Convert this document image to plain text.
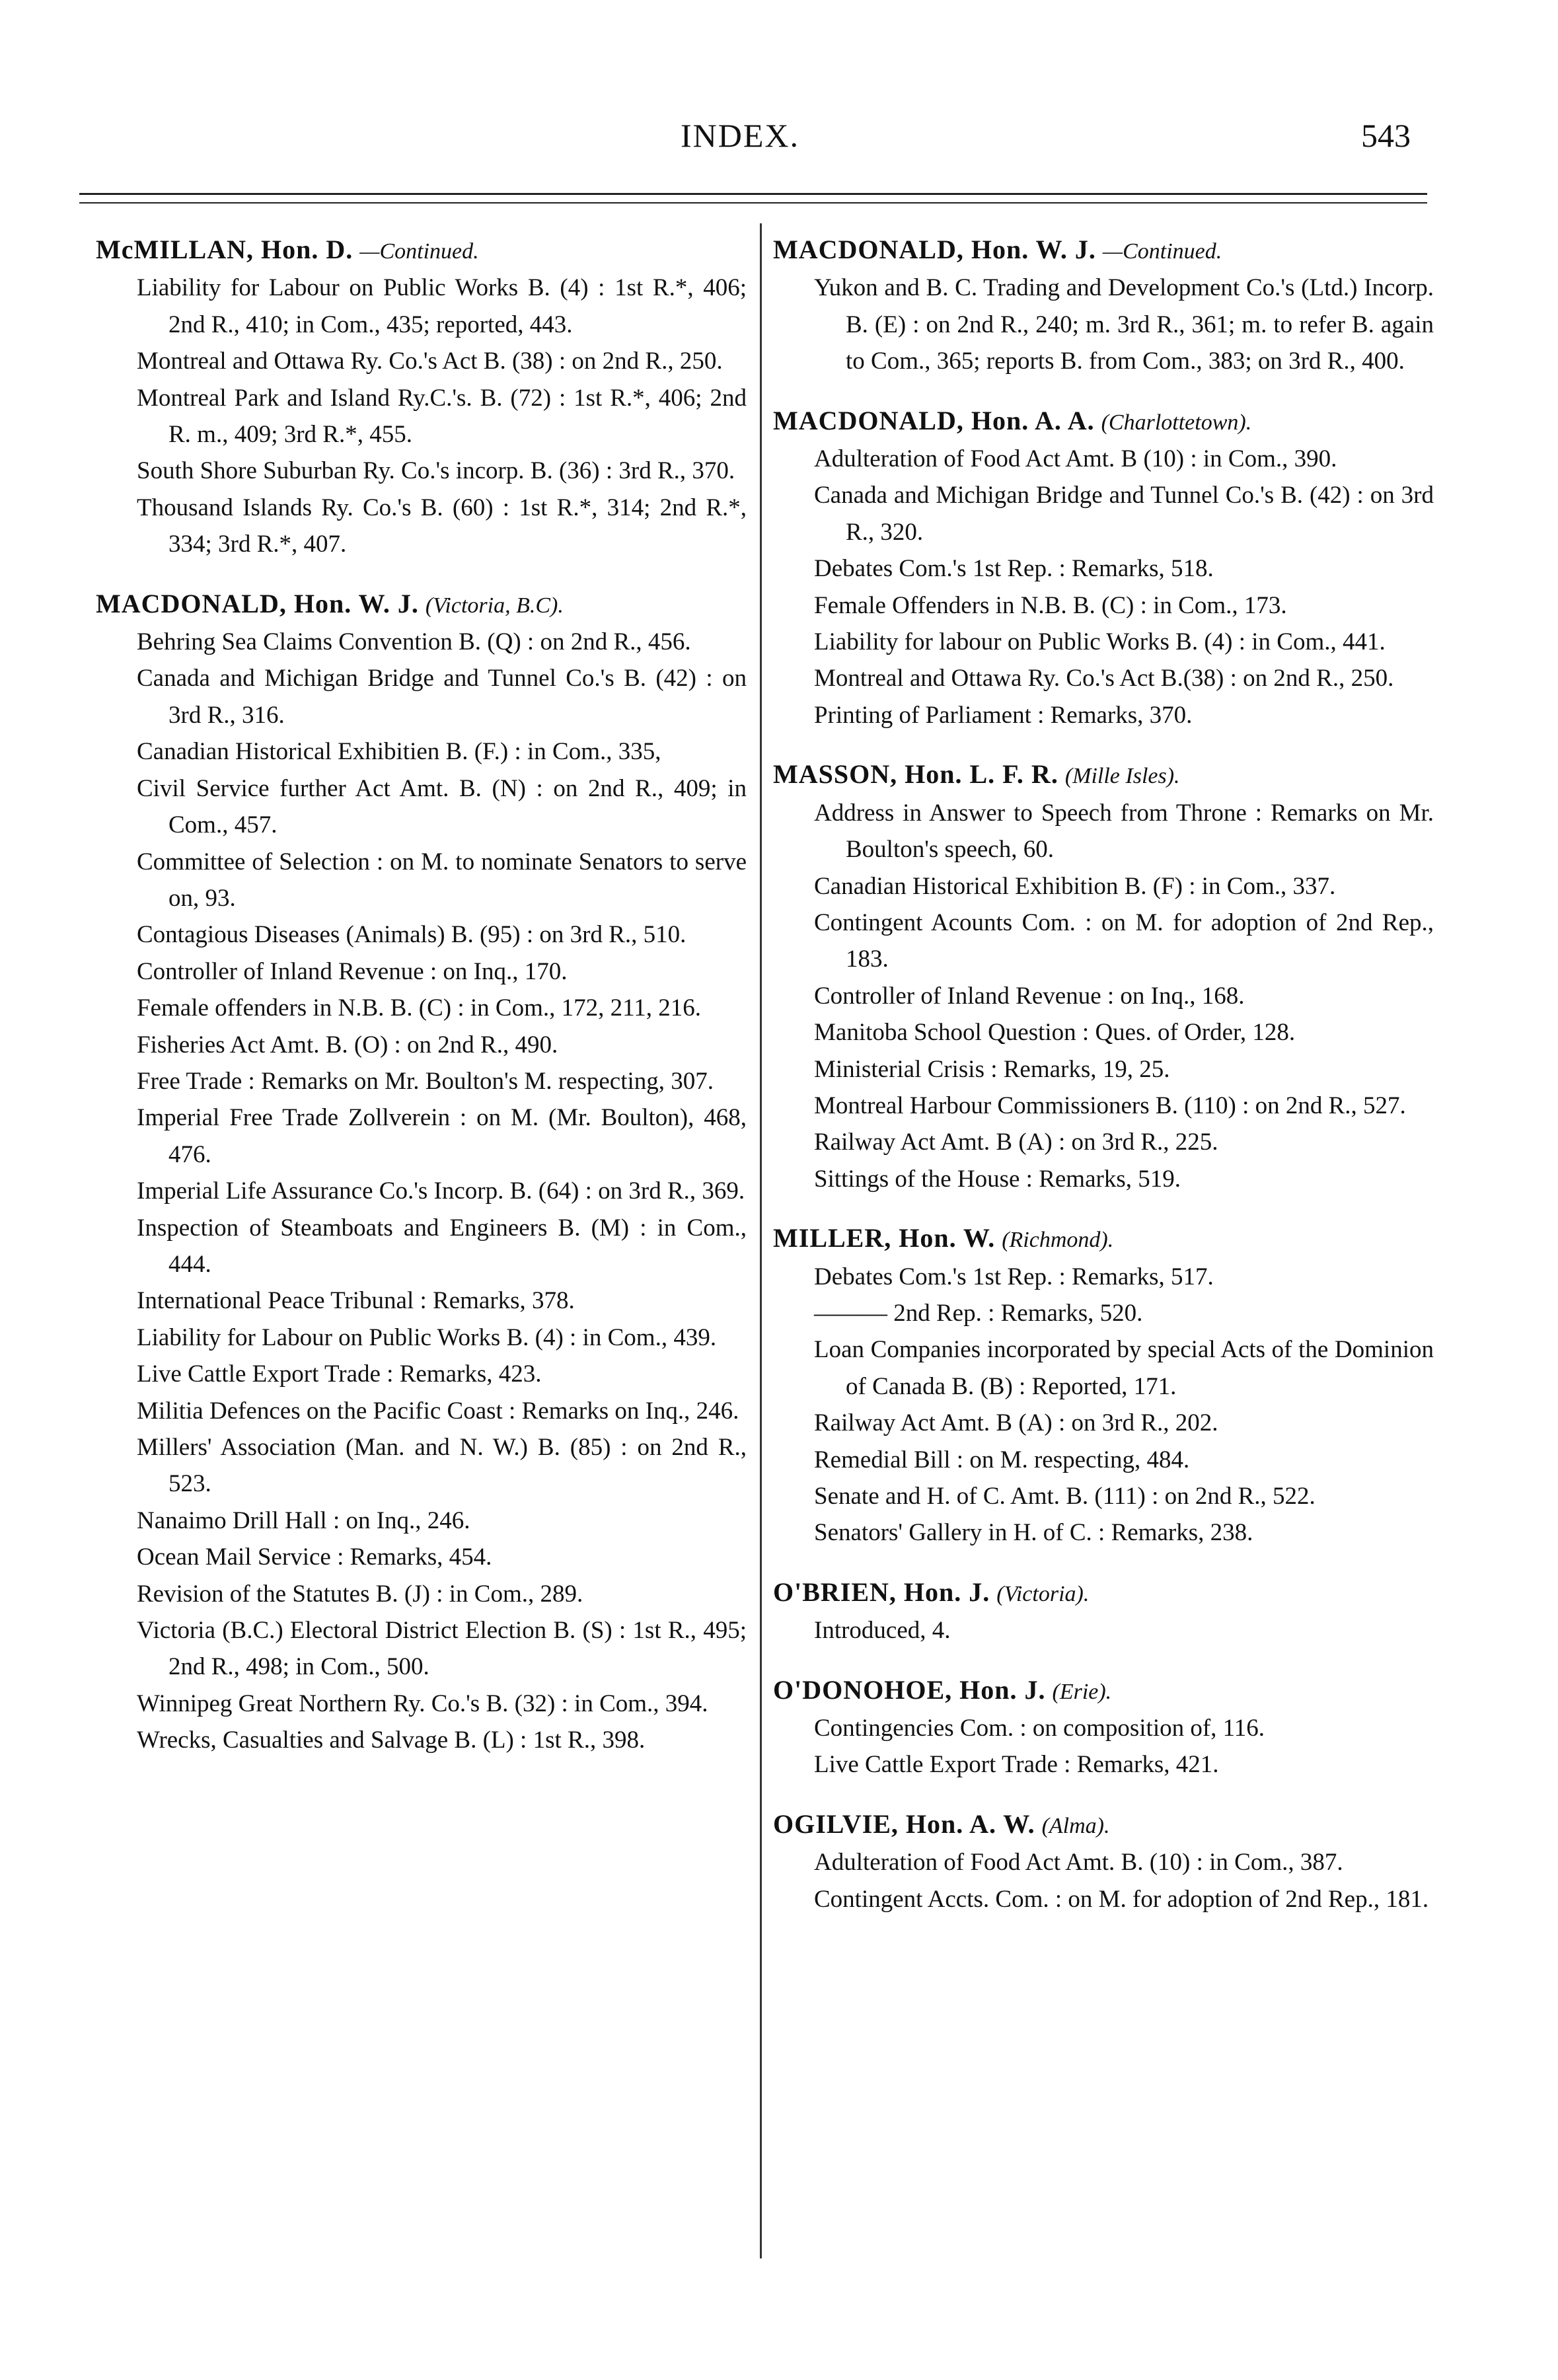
INDEX.	543
McMILLAN, Hon. D. —Continued.
Liability for Labour on Public Works B. (4) : 1st R.*, 406; 2nd R., 410; in Com., 435; reported, 443.
Montreal and Ottawa Ry. Co.'s Act B. (38) : on 2nd R., 250.
Montreal Park and Island Ry.C.'s. B. (72) : 1st R.*, 406; 2nd R. m., 409; 3rd R.*, 455.
South Shore Suburban Ry. Co.'s incorp. B. (36) : 3rd R., 370.
Thousand Islands Ry. Co.'s B. (60) : 1st R.*, 314; 2nd R.*, 334; 3rd R.*, 407.
MACDONALD, Hon. W. J. (Victoria, B.C).
Behring Sea Claims Convention B. (Q) : on 2nd R., 456.
Canada and Michigan Bridge and Tunnel Co.'s B. (42) : on 3rd R., 316.
Canadian Historical Exhibitien B. (F.) : in Com., 335,
Civil Service further Act Amt. B. (N) : on 2nd R., 409; in Com., 457.
Committee of Selection : on M. to nominate Senators to serve on, 93.
Contagious Diseases (Animals) B. (95) : on 3rd R., 510.
Controller of Inland Revenue : on Inq., 170.
Female offenders in N.B. B. (C) : in Com., 172, 211, 216.
Fisheries Act Amt. B. (O) : on 2nd R., 490.
Free Trade : Remarks on Mr. Boulton's M. respecting, 307.
Imperial Free Trade Zollverein : on M. (Mr. Boulton), 468, 476.
Imperial Life Assurance Co.'s Incorp. B. (64) : on 3rd R., 369.
Inspection of Steamboats and Engineers B. (M) : in Com., 444.
International Peace Tribunal : Remarks, 378.
Liability for Labour on Public Works B. (4) : in Com., 439.
Live Cattle Export Trade : Remarks, 423.
Militia Defences on the Pacific Coast : Remarks on Inq., 246.
Millers' Association (Man. and N. W.) B. (85) : on 2nd R., 523.
Nanaimo Drill Hall : on Inq., 246.
Ocean Mail Service : Remarks, 454.
Revision of the Statutes B. (J) : in Com., 289.
Victoria (B.C.) Electoral District Election B. (S) : 1st R., 495; 2nd R., 498; in Com., 500.
Winnipeg Great Northern Ry. Co.'s B. (32) : in Com., 394.
Wrecks, Casualties and Salvage B. (L) : 1st R., 398.
MACDONALD, Hon. W. J. —Continued.
Yukon and B. C. Trading and Development Co.'s (Ltd.) Incorp. B. (E) : on 2nd R., 240; m. 3rd R., 361; m. to refer B. again to Com., 365; reports B. from Com., 383; on 3rd R., 400.
MACDONALD, Hon. A. A. (Charlottetown).
Adulteration of Food Act Amt. B (10) : in Com., 390.
Canada and Michigan Bridge and Tunnel Co.'s B. (42) : on 3rd R., 320.
Debates Com.'s 1st Rep. : Remarks, 518.
Female Offenders in N.B. B. (C) : in Com., 173.
Liability for labour on Public Works B. (4) : in Com., 441.
Montreal and Ottawa Ry. Co.'s Act B.(38) : on 2nd R., 250.
Printing of Parliament : Remarks, 370.
MASSON, Hon. L. F. R. (Mille Isles).
Address in Answer to Speech from Throne : Remarks on Mr. Boulton's speech, 60.
Canadian Historical Exhibition B. (F) : in Com., 337.
Contingent Acounts Com. : on M. for adoption of 2nd Rep., 183.
Controller of Inland Revenue : on Inq., 168.
Manitoba School Question : Ques. of Order, 128.
Ministerial Crisis : Remarks, 19, 25.
Montreal Harbour Commissioners B. (110) : on 2nd R., 527.
Railway Act Amt. B (A) : on 3rd R., 225.
Sittings of the House : Remarks, 519.
MILLER, Hon. W. (Richmond).
Debates Com.'s 1st Rep. : Remarks, 517.
——— 2nd Rep. : Remarks, 520.
Loan Companies incorporated by special Acts of the Dominion of Canada B. (B) : Reported, 171.
Railway Act Amt. B (A) : on 3rd R., 202.
Remedial Bill : on M. respecting, 484.
Senate and H. of C. Amt. B. (111) : on 2nd R., 522.
Senators' Gallery in H. of C. : Remarks, 238.
O'BRIEN, Hon. J. (Victoria).
Introduced, 4.
O'DONOHOE, Hon. J. (Erie).
Contingencies Com. : on composition of, 116.
Live Cattle Export Trade : Remarks, 421.
OGILVIE, Hon. A. W. (Alma).
Adulteration of Food Act Amt. B. (10) : in Com., 387.
Contingent Accts. Com. : on M. for adoption of 2nd Rep., 181.
